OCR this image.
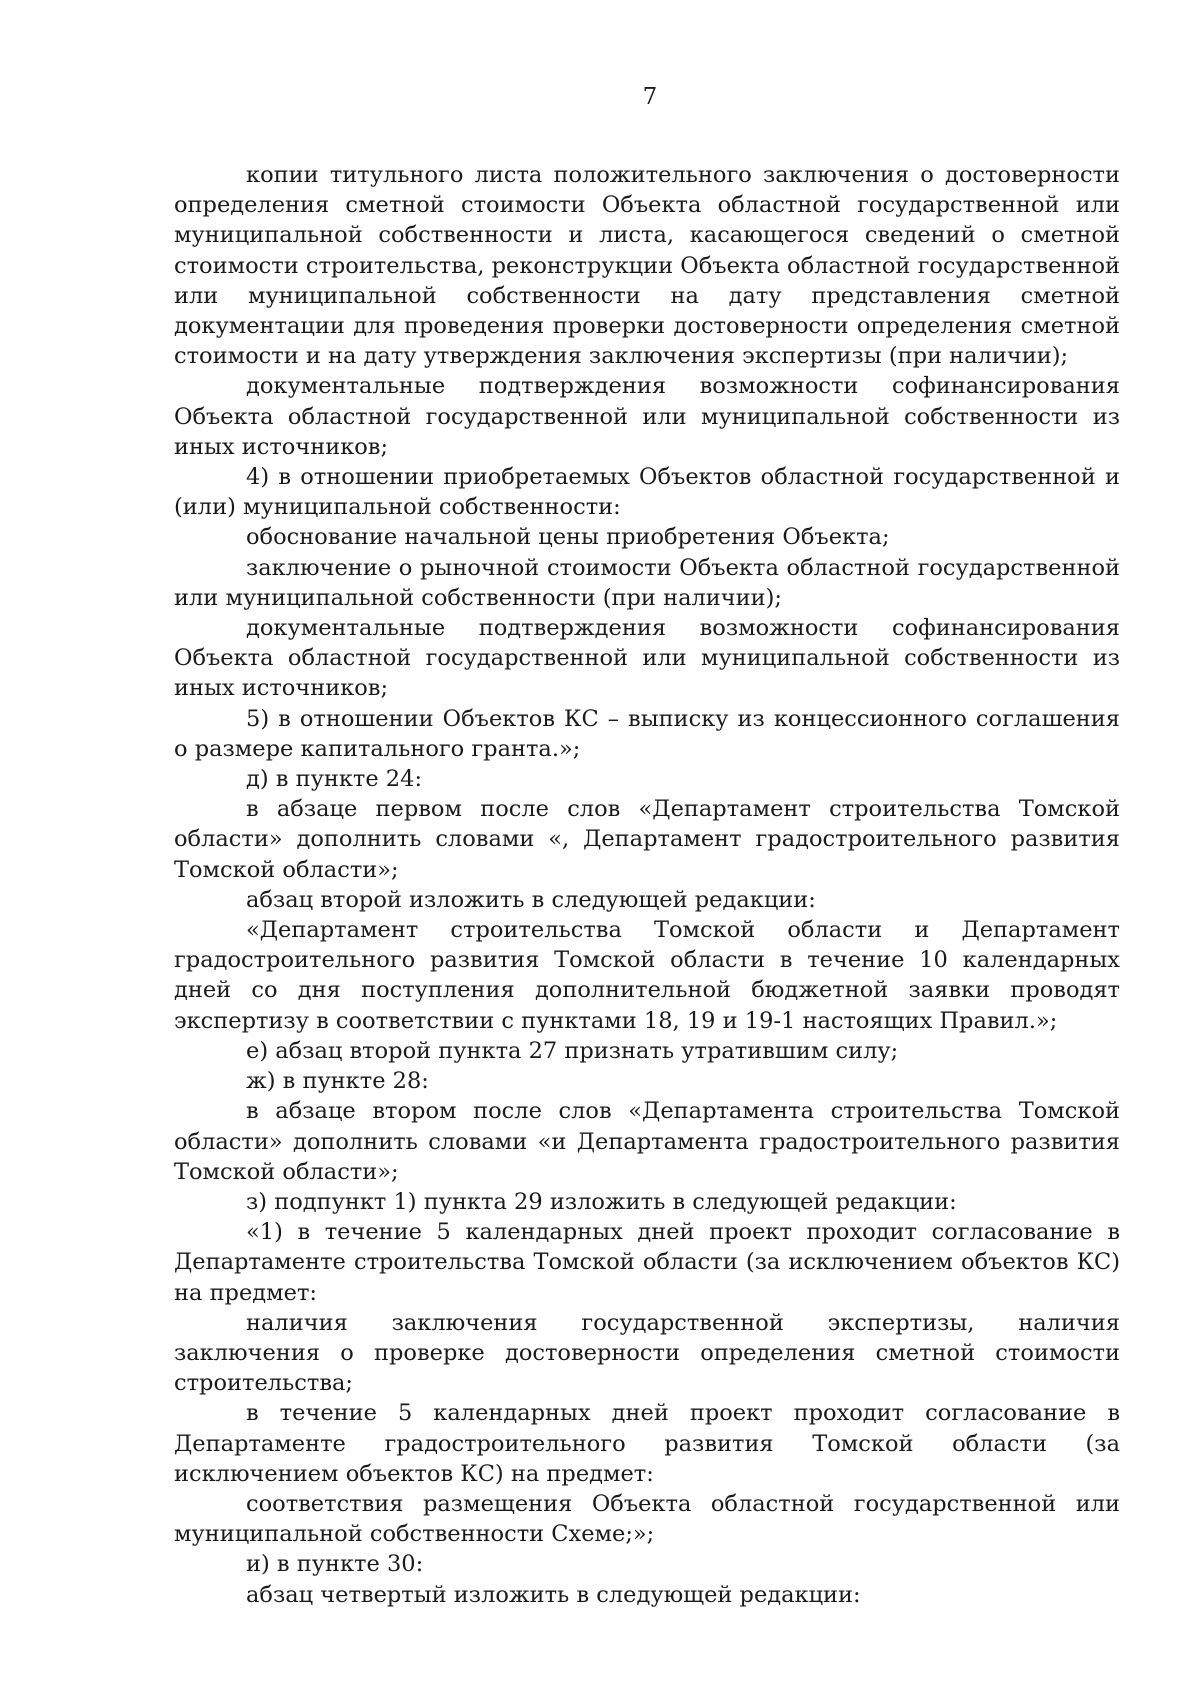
7

копии титульного листа положительного заключения о достоверности определения сметной стоимости Объекта областной государственной или муниципальной собственности и листа, касающегося сведений о сметной стоимости строительства, реконструкции Объекта областной государственной или муниципальной собственности на дату представления сметной документации для проведения проверки достоверности определения сметной стоимости и на дату утверждения заключения экспертизы (при наличии);

документальные подтверждения возможности софинансирования Объекта областной государственной или муниципальной собственности из иных источников;

4) в отношении приобретаемых Объектов областной государственной и (или) муниципальной собственности:

обоснование начальной цены приобретения Объекта;

заключение о рыночной стоимости Объекта областной государственной или муниципальной собственности (при наличии);

документальные подтверждения возможности софинансирования Объекта областной государственной или муниципальной собственности из иных источников;

5) в отношении Объектов КС – выписку из концессионного соглашения о размере капитального гранта.»;

д) в пункте 24:

в абзаце первом после слов «Департамент строительства Томской области» дополнить словами «, Департамент градостроительного развития Томской области»;

абзац второй изложить в следующей редакции:

«Департамент строительства Томской области и Департамент градостроительного развития Томской области в течение 10 календарных дней со дня поступления дополнительной бюджетной заявки проводят экспертизу в соответствии с пунктами 18, 19 и 19-1 настоящих Правил.»;

е) абзац второй пункта 27 признать утратившим силу;

ж) в пункте 28:

в абзаце втором после слов «Департамента строительства Томской области» дополнить словами «и Департамента градостроительного развития Томской области»;

з) подпункт 1) пункта 29 изложить в следующей редакции:

«1) в течение 5 календарных дней проект проходит согласование в Департаменте строительства Томской области (за исключением объектов КС) на предмет:

наличия заключения государственной экспертизы, наличия заключения о проверке достоверности определения сметной стоимости строительства;

в течение 5 календарных дней проект проходит согласование в Департаменте градостроительного развития Томской области (за исключением объектов КС) на предмет:

соответствия размещения Объекта областной государственной или муниципальной собственности Схеме;»;

и) в пункте 30:

абзац четвертый изложить в следующей редакции:
